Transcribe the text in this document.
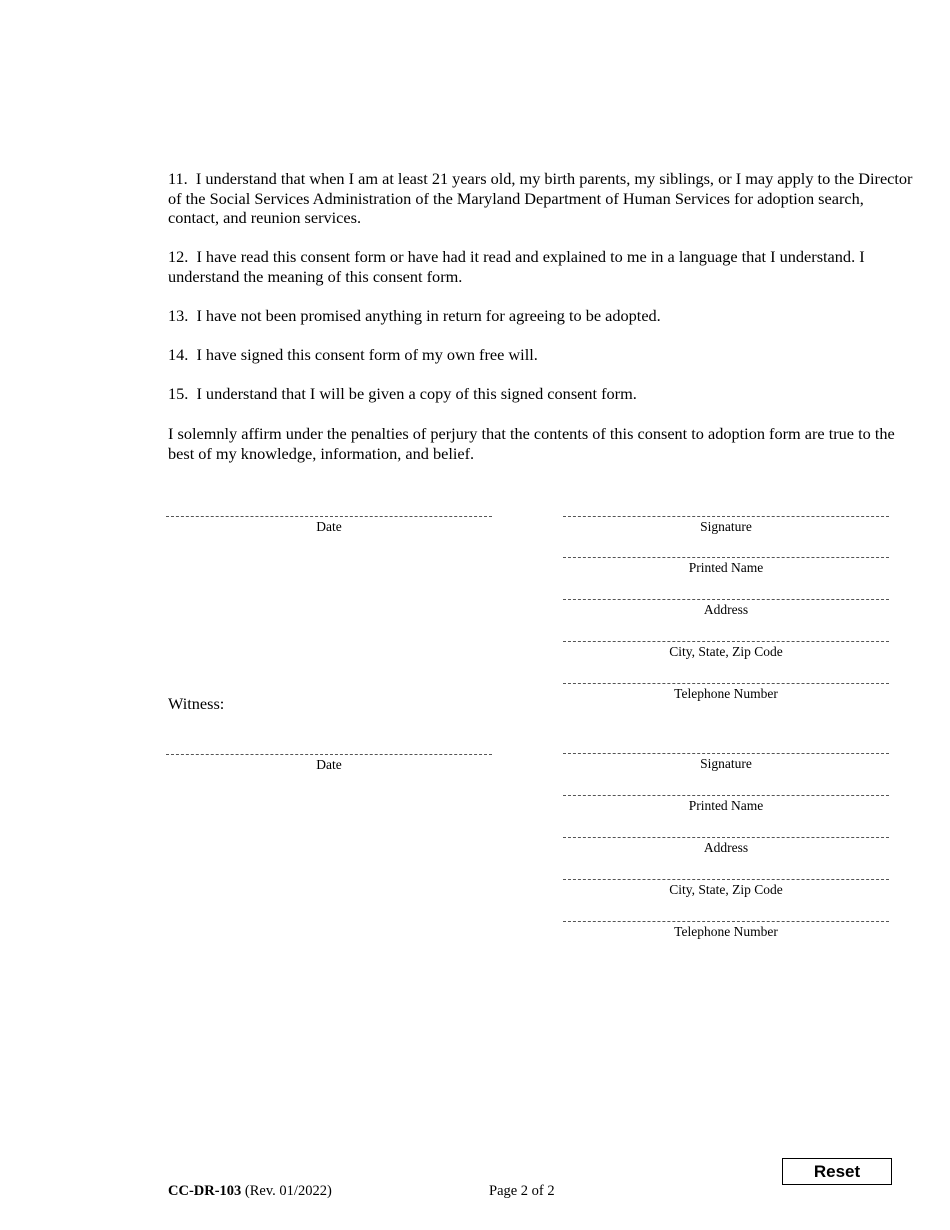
11. I understand that when I am at least 21 years old, my birth parents, my siblings, or I may apply to the Director of the Social Services Administration of the Maryland Department of Human Services for adoption search, contact, and reunion services.

12. I have read this consent form or have had it read and explained to me in a language that I understand. I understand the meaning of this consent form.

13. I have not been promised anything in return for agreeing to be adopted.

14. I have signed this consent form of my own free will.

15. I understand that I will be given a copy of this signed consent form.

I solemnly affirm under the penalties of perjury that the contents of this consent to adoption form are true to the best of my knowledge, information, and belief.

Date	Signature
Printed Name
Address
City, State, Zip Code
Telephone Number
Witness:
Date	Signature
Printed Name
Address
City, State, Zip Code
Telephone Number
Reset
CC-DR-103 (Rev. 01/2022)	Page 2 of 2
